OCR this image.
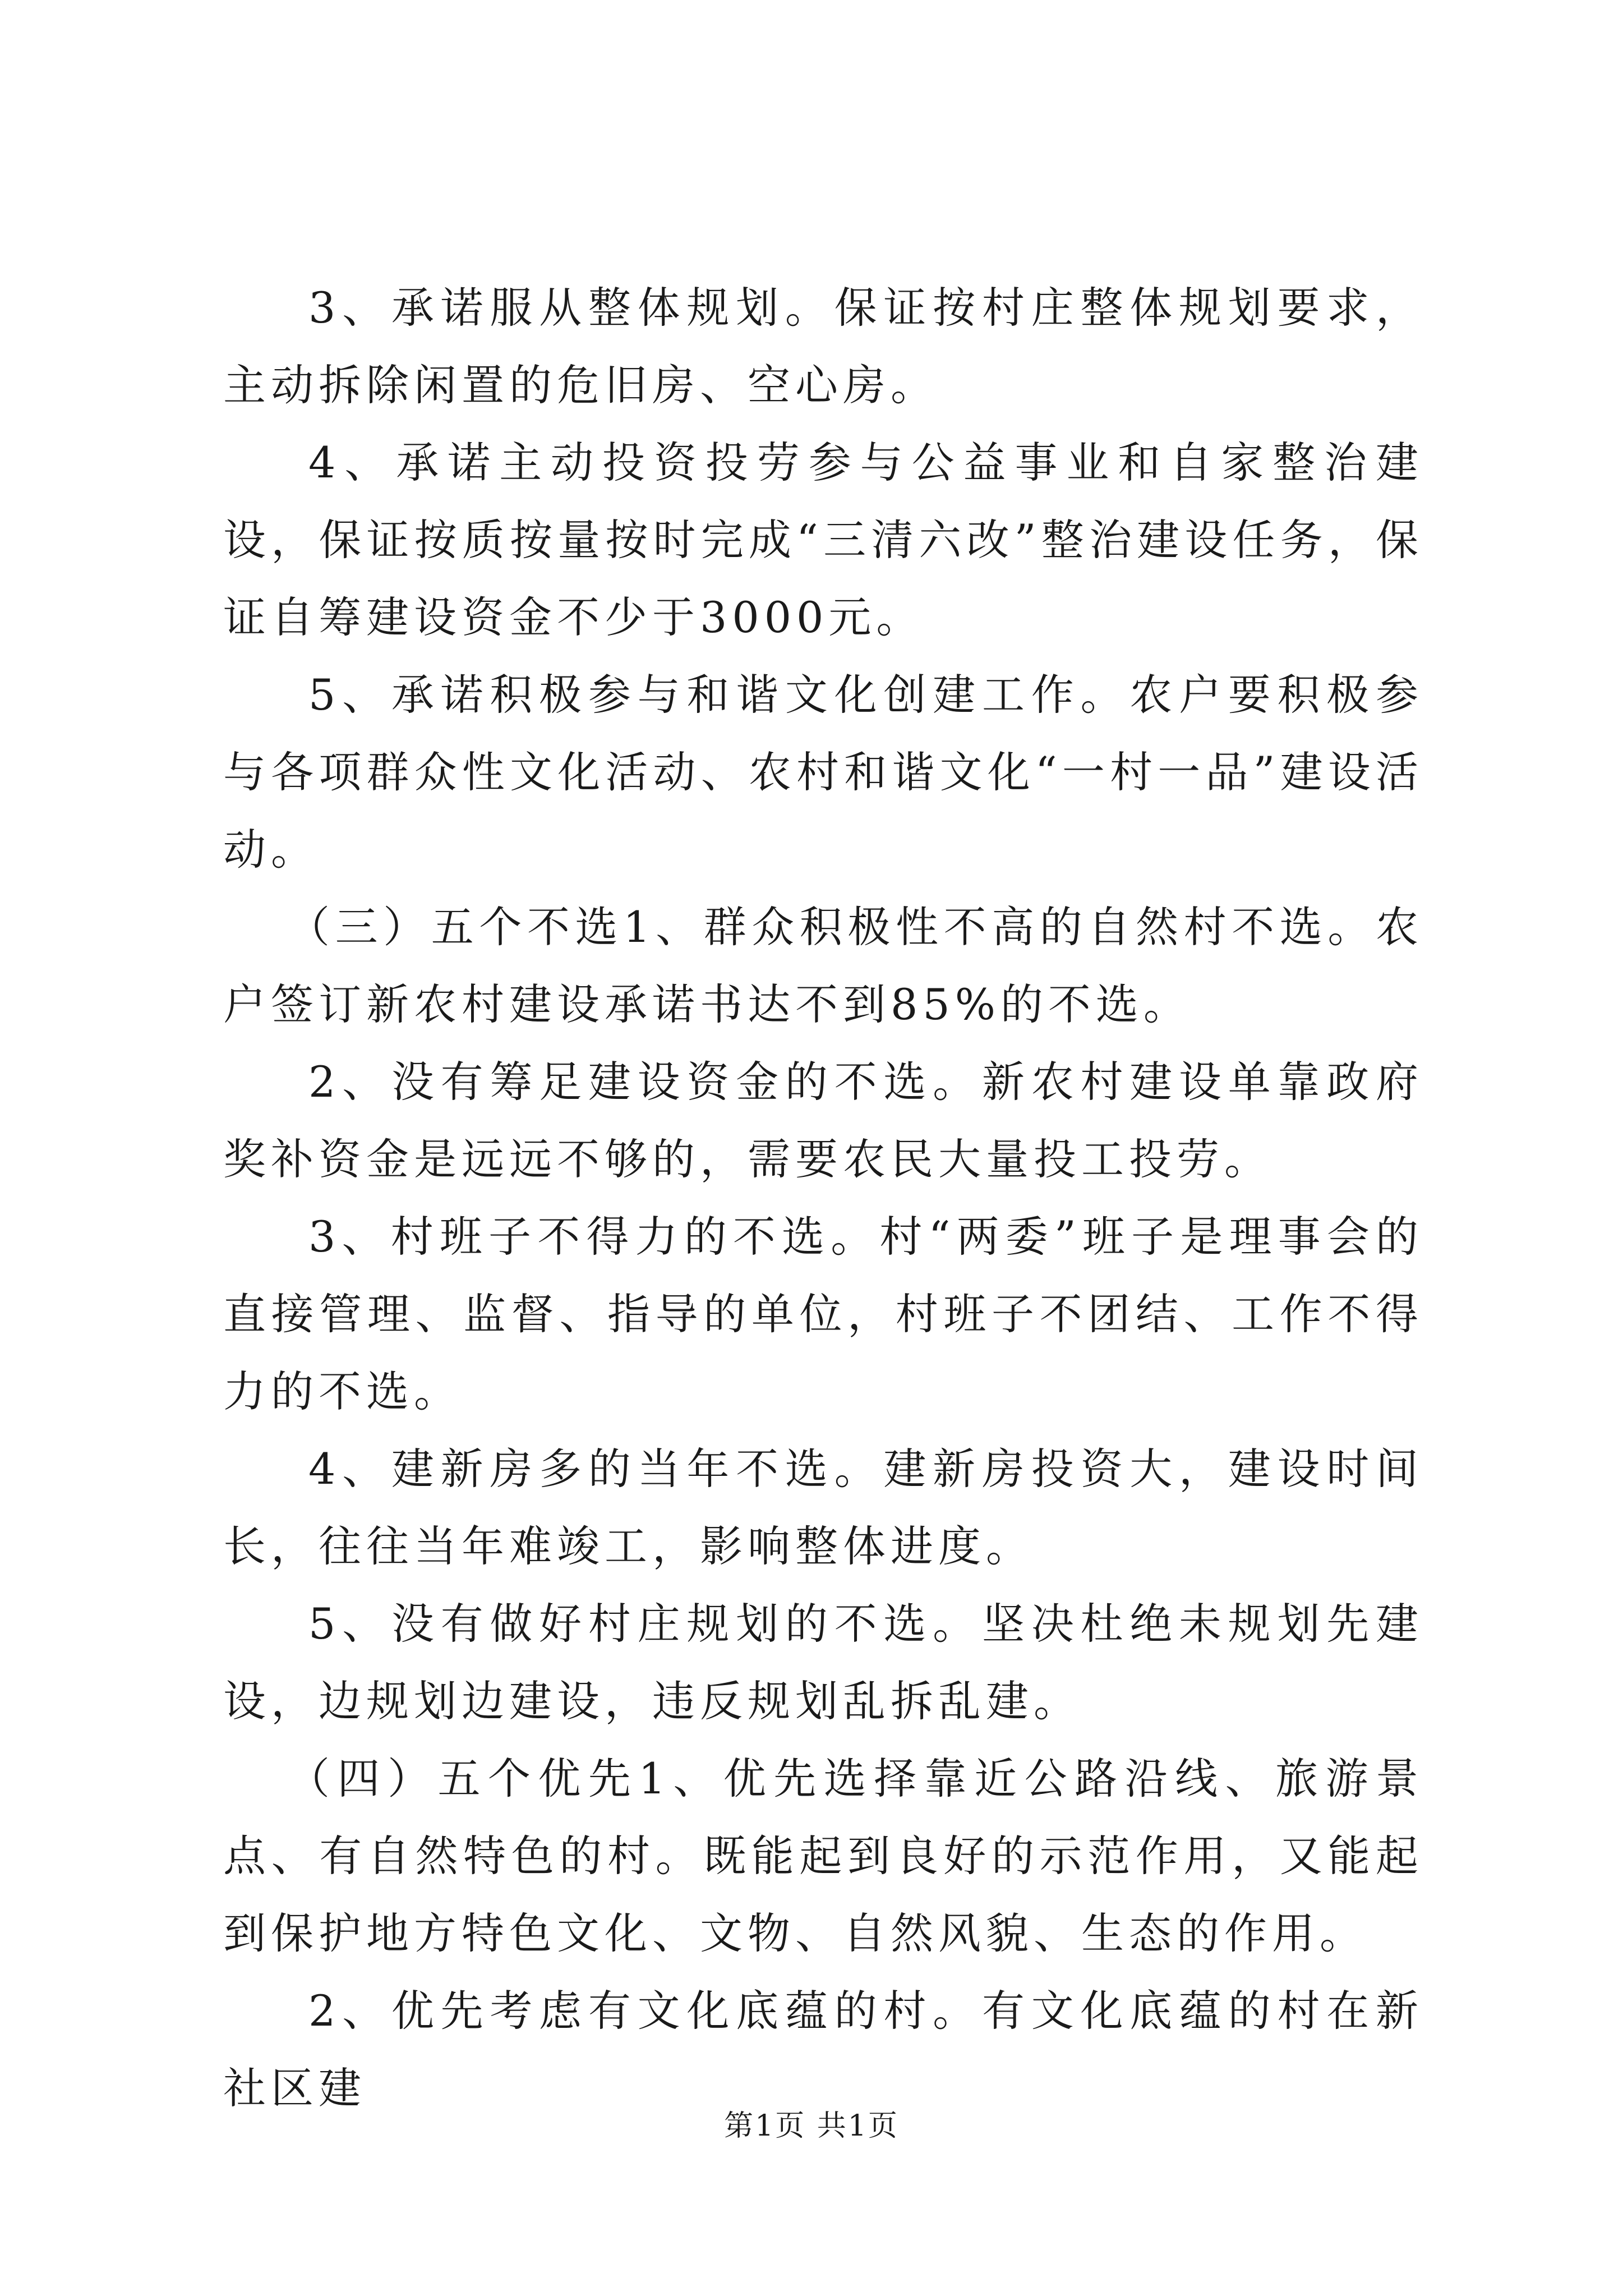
3、承诺服从整体规划。保证按村庄整体规划要求，主动拆除闲置的危旧房、空心房。

4、承诺主动投资投劳参与公益事业和自家整治建设，保证按质按量按时完成“三清六改”整治建设任务，保证自筹建设资金不少于3000元。

5、承诺积极参与和谐文化创建工作。农户要积极参与各项群众性文化活动、农村和谐文化“一村一品”建设活动。

（三）五个不选1、群众积极性不高的自然村不选。农户签订新农村建设承诺书达不到85%的不选。

2、没有筹足建设资金的不选。新农村建设单靠政府奖补资金是远远不够的，需要农民大量投工投劳。

3、村班子不得力的不选。村“两委”班子是理事会的直接管理、监督、指导的单位，村班子不团结、工作不得力的不选。

4、建新房多的当年不选。建新房投资大，建设时间长，往往当年难竣工，影响整体进度。

5、没有做好村庄规划的不选。坚决杜绝未规划先建设，边规划边建设，违反规划乱拆乱建。

（四）五个优先1、优先选择靠近公路沿线、旅游景点、有自然特色的村。既能起到良好的示范作用，又能起到保护地方特色文化、文物、自然风貌、生态的作用。

2、优先考虑有文化底蕴的村。有文化底蕴的村在新社区建

第1页 共1页
